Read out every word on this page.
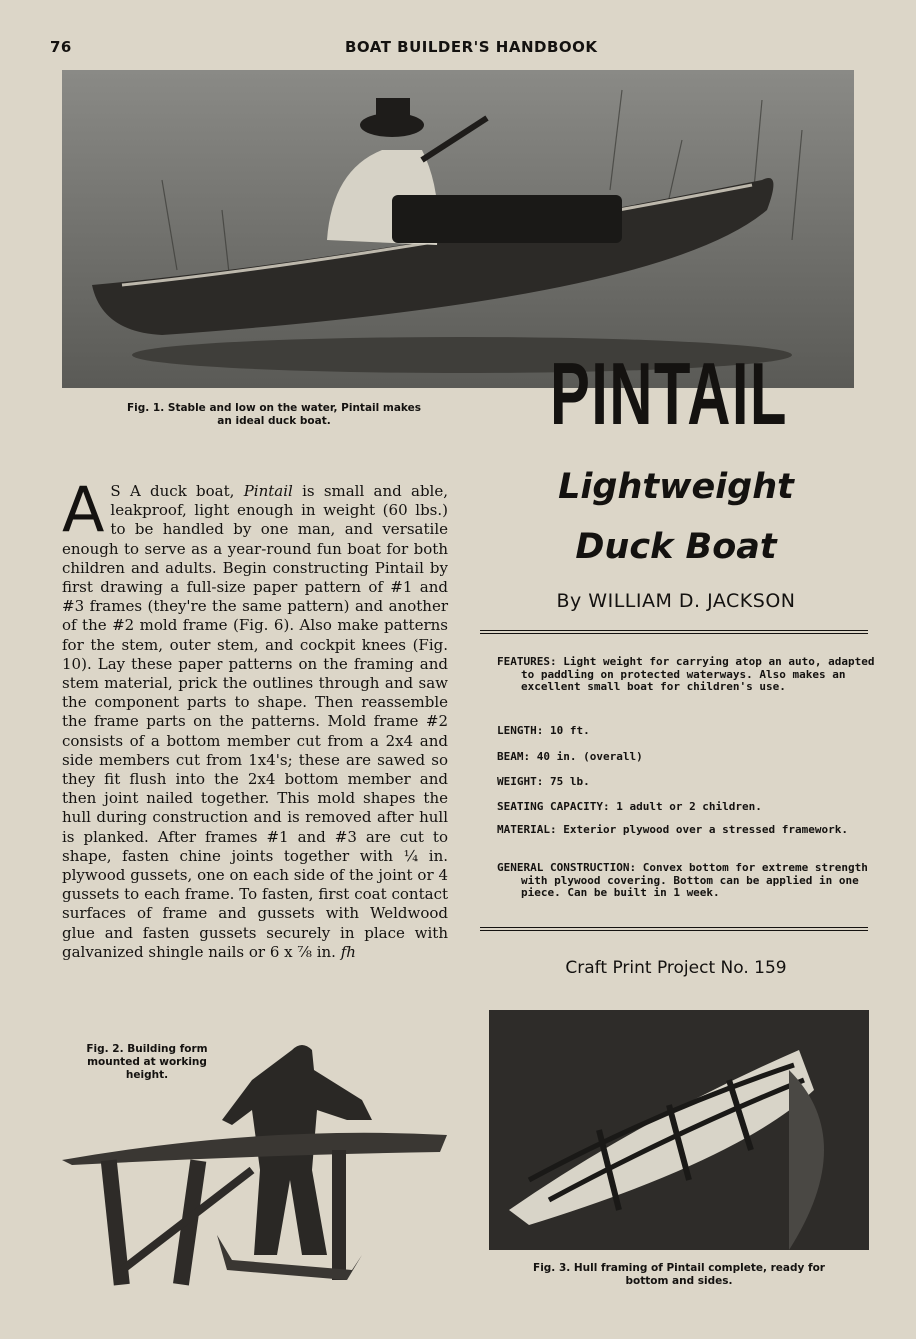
76	BOAT BUILDER'S HANDBOOK
Fig. 1. Stable and low on the water, Pintail makes
an ideal duck boat.	PINTAIL
Lightweight
Duck Boat
By WILLIAM D. JACKSON
FEATURES: Light weight for carrying atop an auto, adapted to paddling on protected waterways. Also makes an excellent small boat for children's use.
LENGTH: 10 ft.
BEAM: 40 in. (overall)
WEIGHT: 75 lb.
SEATING CAPACITY: 1 adult or 2 children.
MATERIAL: Exterior plywood over a stressed framework.
GENERAL CONSTRUCTION: Convex bottom for extreme strength with plywood covering. Bottom can be applied in one piece. Can be built in 1 week.
Craft Print Project No. 159

A S A duck boat, Pintail is small and able, leakproof, light enough in weight (60 lbs.) to be handled by one man, and versatile enough to serve as a year-round fun boat for both children and adults. Begin constructing Pintail by first drawing a full-size paper pattern of #1 and #3 frames (they're the same pattern) and another of the #2 mold frame (Fig. 6). Also make patterns for the stem, outer stem, and cockpit knees (Fig. 10). Lay these paper patterns on the framing and stem material, prick the outlines through and saw the component parts to shape. Then reassemble the frame parts on the patterns. Mold frame #2 consists of a bottom member cut from a 2x4 and side members cut from 1x4's; these are sawed so they fit flush into the 2x4 bottom member and then joint nailed together. This mold shapes the hull during construction and is removed after hull is planked. After frames #1 and #3 are cut to shape, fasten chine joints together with ¼ in. plywood gussets, one on each side of the joint or 4 gussets to each frame. To fasten, first coat contact surfaces of frame and gussets with Weldwood glue and fasten gussets securely in place with galvanized shingle nails or 6 x ⅞ in. fh

Fig. 2. Building form
mounted at working
height.
Fig. 3. Hull framing of Pintail complete, ready for
bottom and sides.
